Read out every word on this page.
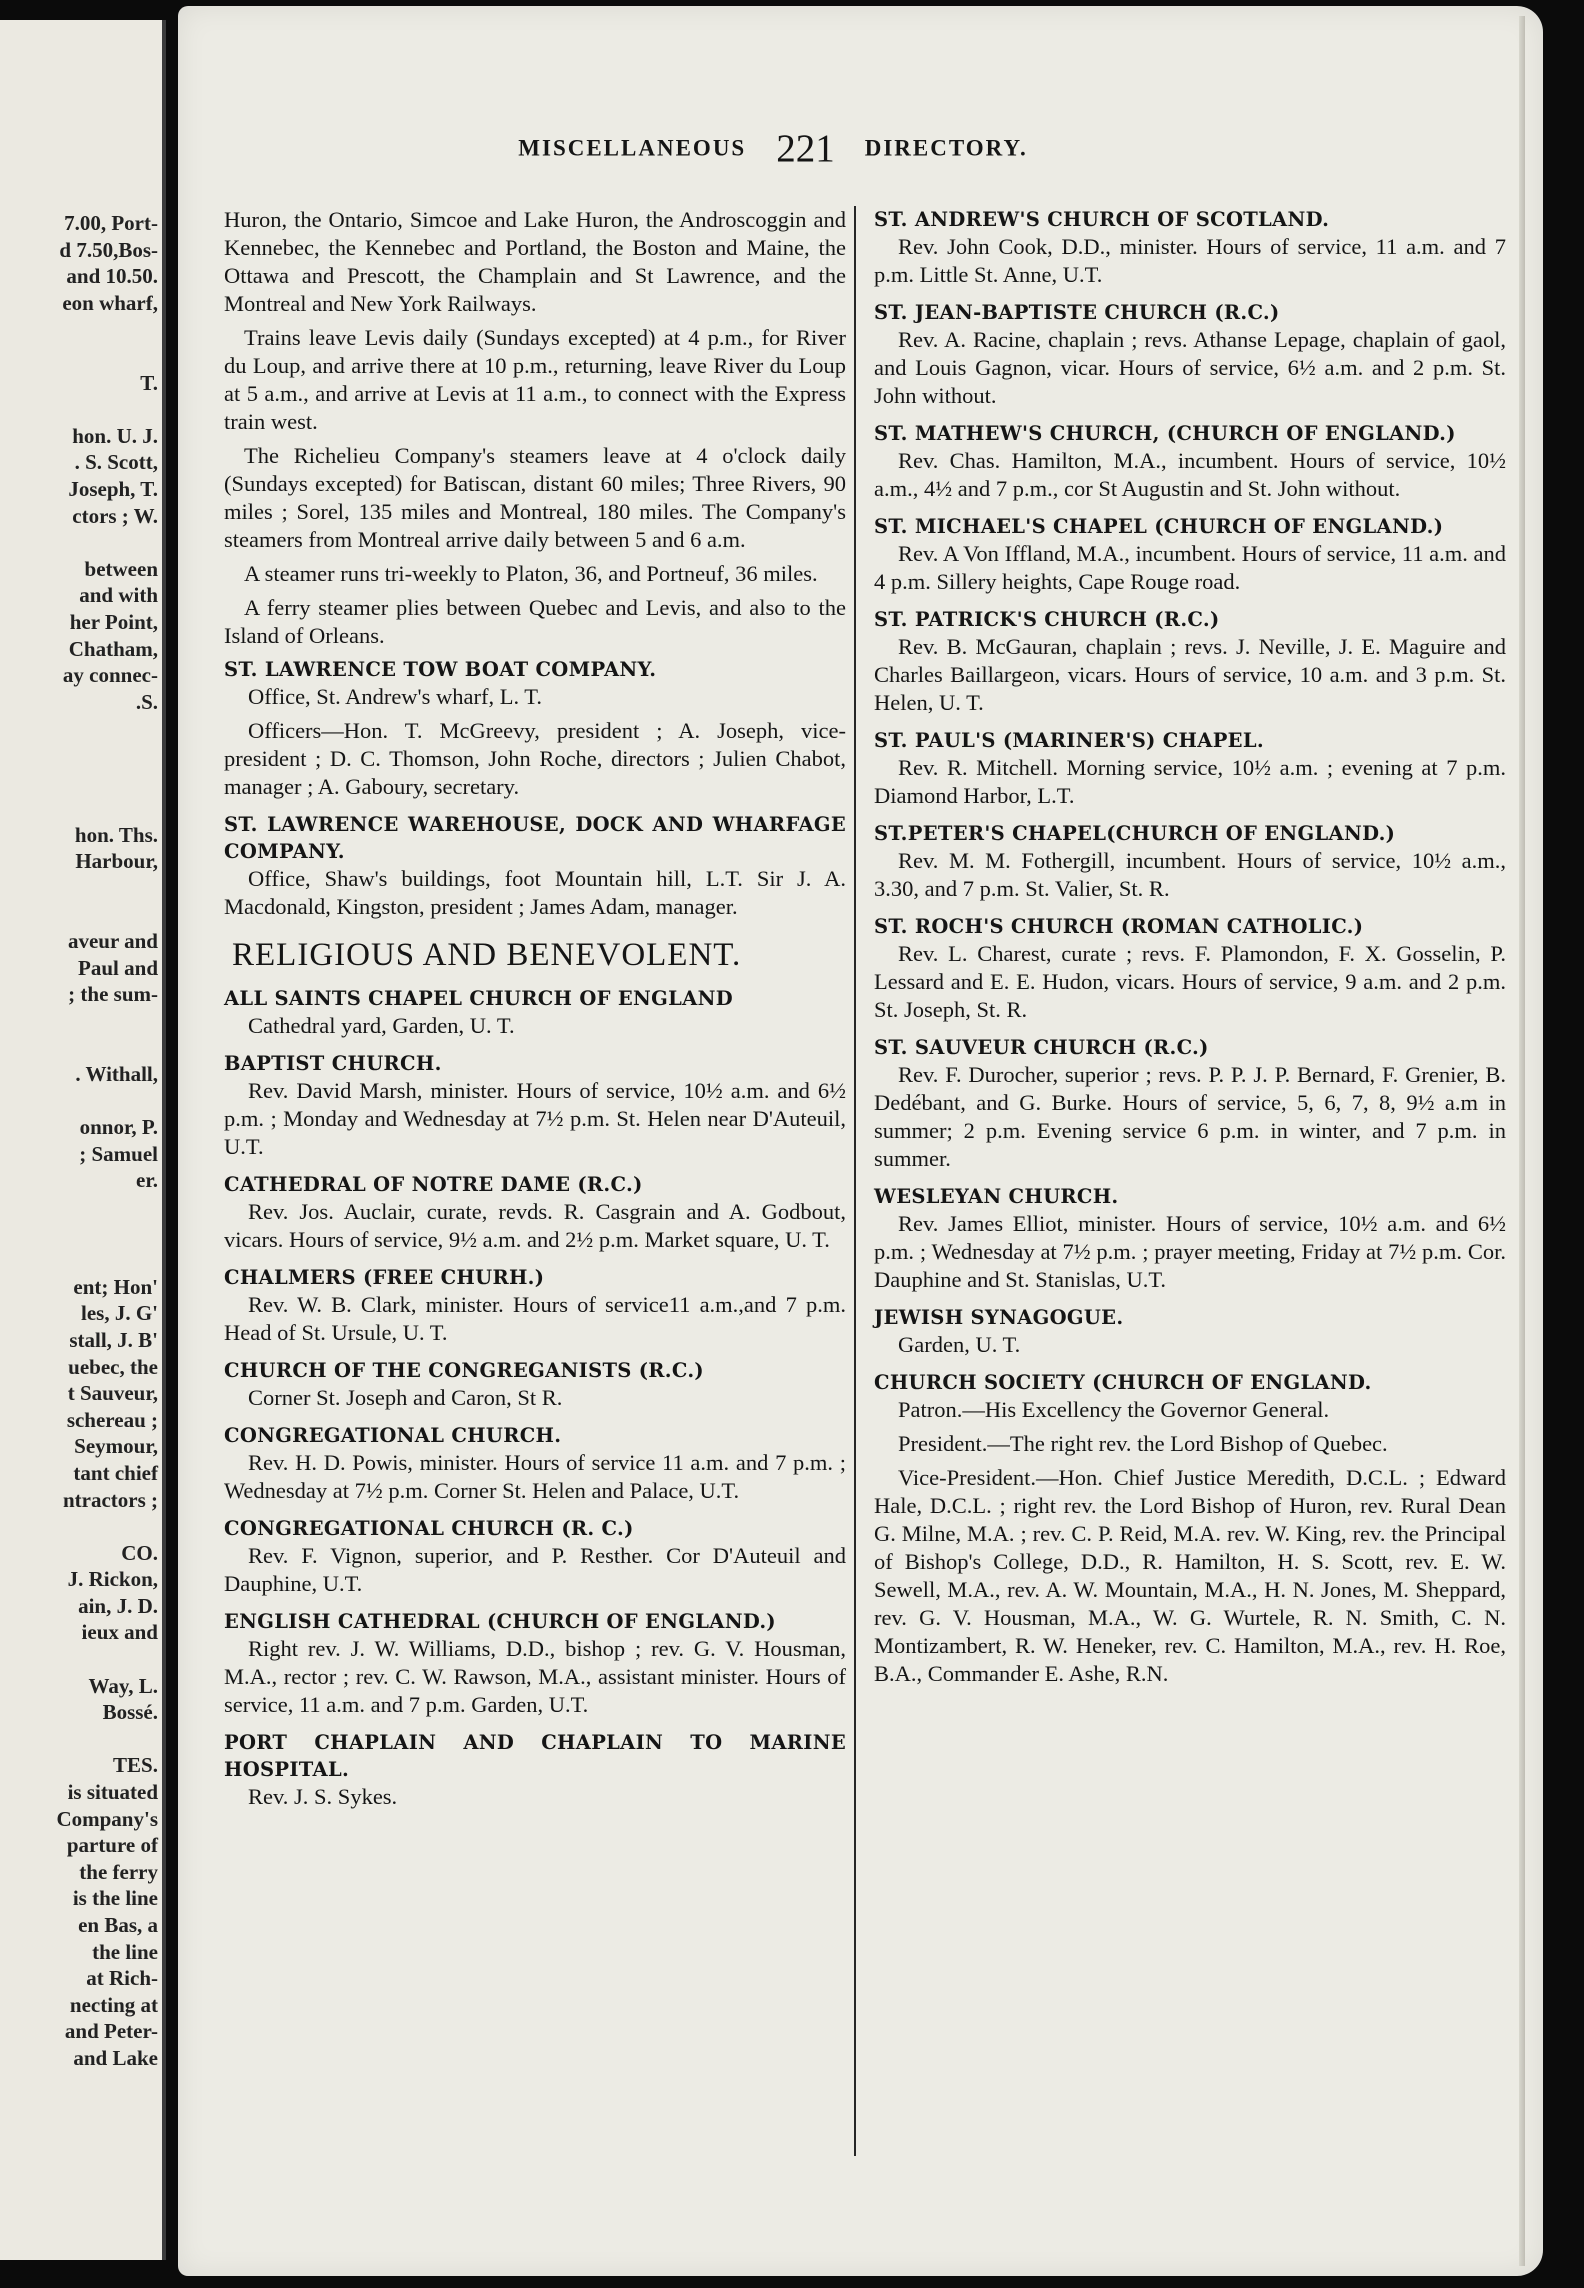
7.00, Port-
d 7.50,Bos-
and 10.50.
eon wharf,

T.

hon. U. J.
. S. Scott,
Joseph, T.
ctors ; W.

between
and with
her Point,
Chatham,
ay connec-
.S.

hon. Ths.
Harbour,

aveur and
Paul and
; the sum-

. Withall,

onnor, P.
; Samuel
er.

ent; Hon'
les, J. G'
stall, J. B'
uebec, the
t Sauveur,
schereau ;
Seymour,
tant chief
ntractors ;

CO.
J. Rickon,
ain, J. D.
ieux and

Way, L.
Bossé.

TES.
is situated
Company's
parture of
the ferry
is the line
en Bas, a
the line
at Rich-
necting at
and Peter-
and Lake
MISCELLANEOUS 221 DIRECTORY.

Huron, the Ontario, Simcoe and Lake Huron, the Androscoggin and Kennebec, the Kennebec and Portland, the Boston and Maine, the Ottawa and Prescott, the Champlain and St Lawrence, and the Montreal and New York Railways.

Trains leave Levis daily (Sundays excepted) at 4 p.m., for River du Loup, and arrive there at 10 p.m., returning, leave River du Loup at 5 a.m., and arrive at Levis at 11 a.m., to connect with the Express train west.

The Richelieu Company's steamers leave at 4 o'clock daily (Sundays excepted) for Batiscan, distant 60 miles; Three Rivers, 90 miles ; Sorel, 135 miles and Montreal, 180 miles. The Company's steamers from Montreal arrive daily between 5 and 6 a.m.

A steamer runs tri-weekly to Platon, 36, and Portneuf, 36 miles.

A ferry steamer plies between Quebec and Levis, and also to the Island of Orleans.

ST. LAWRENCE TOW BOAT COMPANY.

Office, St. Andrew's wharf, L. T.

Officers—Hon. T. McGreevy, president ; A. Joseph, vice-president ; D. C. Thomson, John Roche, directors ; Julien Chabot, manager ; A. Gaboury, secretary.

ST. LAWRENCE WAREHOUSE, DOCK AND WHARFAGE COMPANY.

Office, Shaw's buildings, foot Mountain hill, L.T. Sir J. A. Macdonald, Kingston, president ; James Adam, manager.

RELIGIOUS AND BENEVOLENT.
ALL SAINTS CHAPEL CHURCH OF ENGLAND

Cathedral yard, Garden, U. T.

BAPTIST CHURCH.

Rev. David Marsh, minister. Hours of service, 10½ a.m. and 6½ p.m. ; Monday and Wednesday at 7½ p.m. St. Helen near D'Auteuil, U.T.

CATHEDRAL OF NOTRE DAME (R.C.)

Rev. Jos. Auclair, curate, revds. R. Casgrain and A. Godbout, vicars. Hours of service, 9½ a.m. and 2½ p.m. Market square, U. T.

CHALMERS (FREE CHURH.)

Rev. W. B. Clark, minister. Hours of service11 a.m.,and 7 p.m. Head of St. Ursule, U. T.

CHURCH OF THE CONGREGANISTS (R.C.)

Corner St. Joseph and Caron, St R.

CONGREGATIONAL CHURCH.

Rev. H. D. Powis, minister. Hours of service 11 a.m. and 7 p.m. ; Wednesday at 7½ p.m. Corner St. Helen and Palace, U.T.

CONGREGATIONAL CHURCH (R. C.)

Rev. F. Vignon, superior, and P. Resther. Cor D'Auteuil and Dauphine, U.T.

ENGLISH CATHEDRAL (CHURCH OF ENGLAND.)

Right rev. J. W. Williams, D.D., bishop ; rev. G. V. Housman, M.A., rector ; rev. C. W. Rawson, M.A., assistant minister. Hours of service, 11 a.m. and 7 p.m. Garden, U.T.

PORT CHAPLAIN AND CHAPLAIN TO MARINE HOSPITAL.

Rev. J. S. Sykes.

ST. ANDREW'S CHURCH OF SCOTLAND.

Rev. John Cook, D.D., minister. Hours of service, 11 a.m. and 7 p.m. Little St. Anne, U.T.

ST. JEAN-BAPTISTE CHURCH (R.C.)

Rev. A. Racine, chaplain ; revs. Athanse Lepage, chaplain of gaol, and Louis Gagnon, vicar. Hours of service, 6½ a.m. and 2 p.m. St. John without.

ST. MATHEW'S CHURCH, (CHURCH OF ENGLAND.)

Rev. Chas. Hamilton, M.A., incumbent. Hours of service, 10½ a.m., 4½ and 7 p.m., cor St Augustin and St. John without.

ST. MICHAEL'S CHAPEL (CHURCH OF ENGLAND.)

Rev. A Von Iffland, M.A., incumbent. Hours of service, 11 a.m. and 4 p.m. Sillery heights, Cape Rouge road.

ST. PATRICK'S CHURCH (R.C.)

Rev. B. McGauran, chaplain ; revs. J. Neville, J. E. Maguire and Charles Baillargeon, vicars. Hours of service, 10 a.m. and 3 p.m. St. Helen, U. T.

ST. PAUL'S (MARINER'S) CHAPEL.

Rev. R. Mitchell. Morning service, 10½ a.m. ; evening at 7 p.m. Diamond Harbor, L.T.

ST.PETER'S CHAPEL(CHURCH OF ENGLAND.)

Rev. M. M. Fothergill, incumbent. Hours of service, 10½ a.m., 3.30, and 7 p.m. St. Valier, St. R.

ST. ROCH'S CHURCH (ROMAN CATHOLIC.)

Rev. L. Charest, curate ; revs. F. Plamondon, F. X. Gosselin, P. Lessard and E. E. Hudon, vicars. Hours of service, 9 a.m. and 2 p.m. St. Joseph, St. R.

ST. SAUVEUR CHURCH (R.C.)

Rev. F. Durocher, superior ; revs. P. P. J. P. Bernard, F. Grenier, B. Dedébant, and G. Burke. Hours of service, 5, 6, 7, 8, 9½ a.m in summer; 2 p.m. Evening service 6 p.m. in winter, and 7 p.m. in summer.

WESLEYAN CHURCH.

Rev. James Elliot, minister. Hours of service, 10½ a.m. and 6½ p.m. ; Wednesday at 7½ p.m. ; prayer meeting, Friday at 7½ p.m. Cor. Dauphine and St. Stanislas, U.T.

JEWISH SYNAGOGUE.

Garden, U. T.

CHURCH SOCIETY (CHURCH OF ENGLAND.

Patron.—His Excellency the Governor General.

President.—The right rev. the Lord Bishop of Quebec.

Vice-President.—Hon. Chief Justice Meredith, D.C.L. ; Edward Hale, D.C.L. ; right rev. the Lord Bishop of Huron, rev. Rural Dean G. Milne, M.A. ; rev. C. P. Reid, M.A. rev. W. King, rev. the Principal of Bishop's College, D.D., R. Hamilton, H. S. Scott, rev. E. W. Sewell, M.A., rev. A. W. Mountain, M.A., H. N. Jones, M. Sheppard, rev. G. V. Housman, M.A., W. G. Wurtele, R. N. Smith, C. N. Montizambert, R. W. Heneker, rev. C. Hamilton, M.A., rev. H. Roe, B.A., Commander E. Ashe, R.N.
